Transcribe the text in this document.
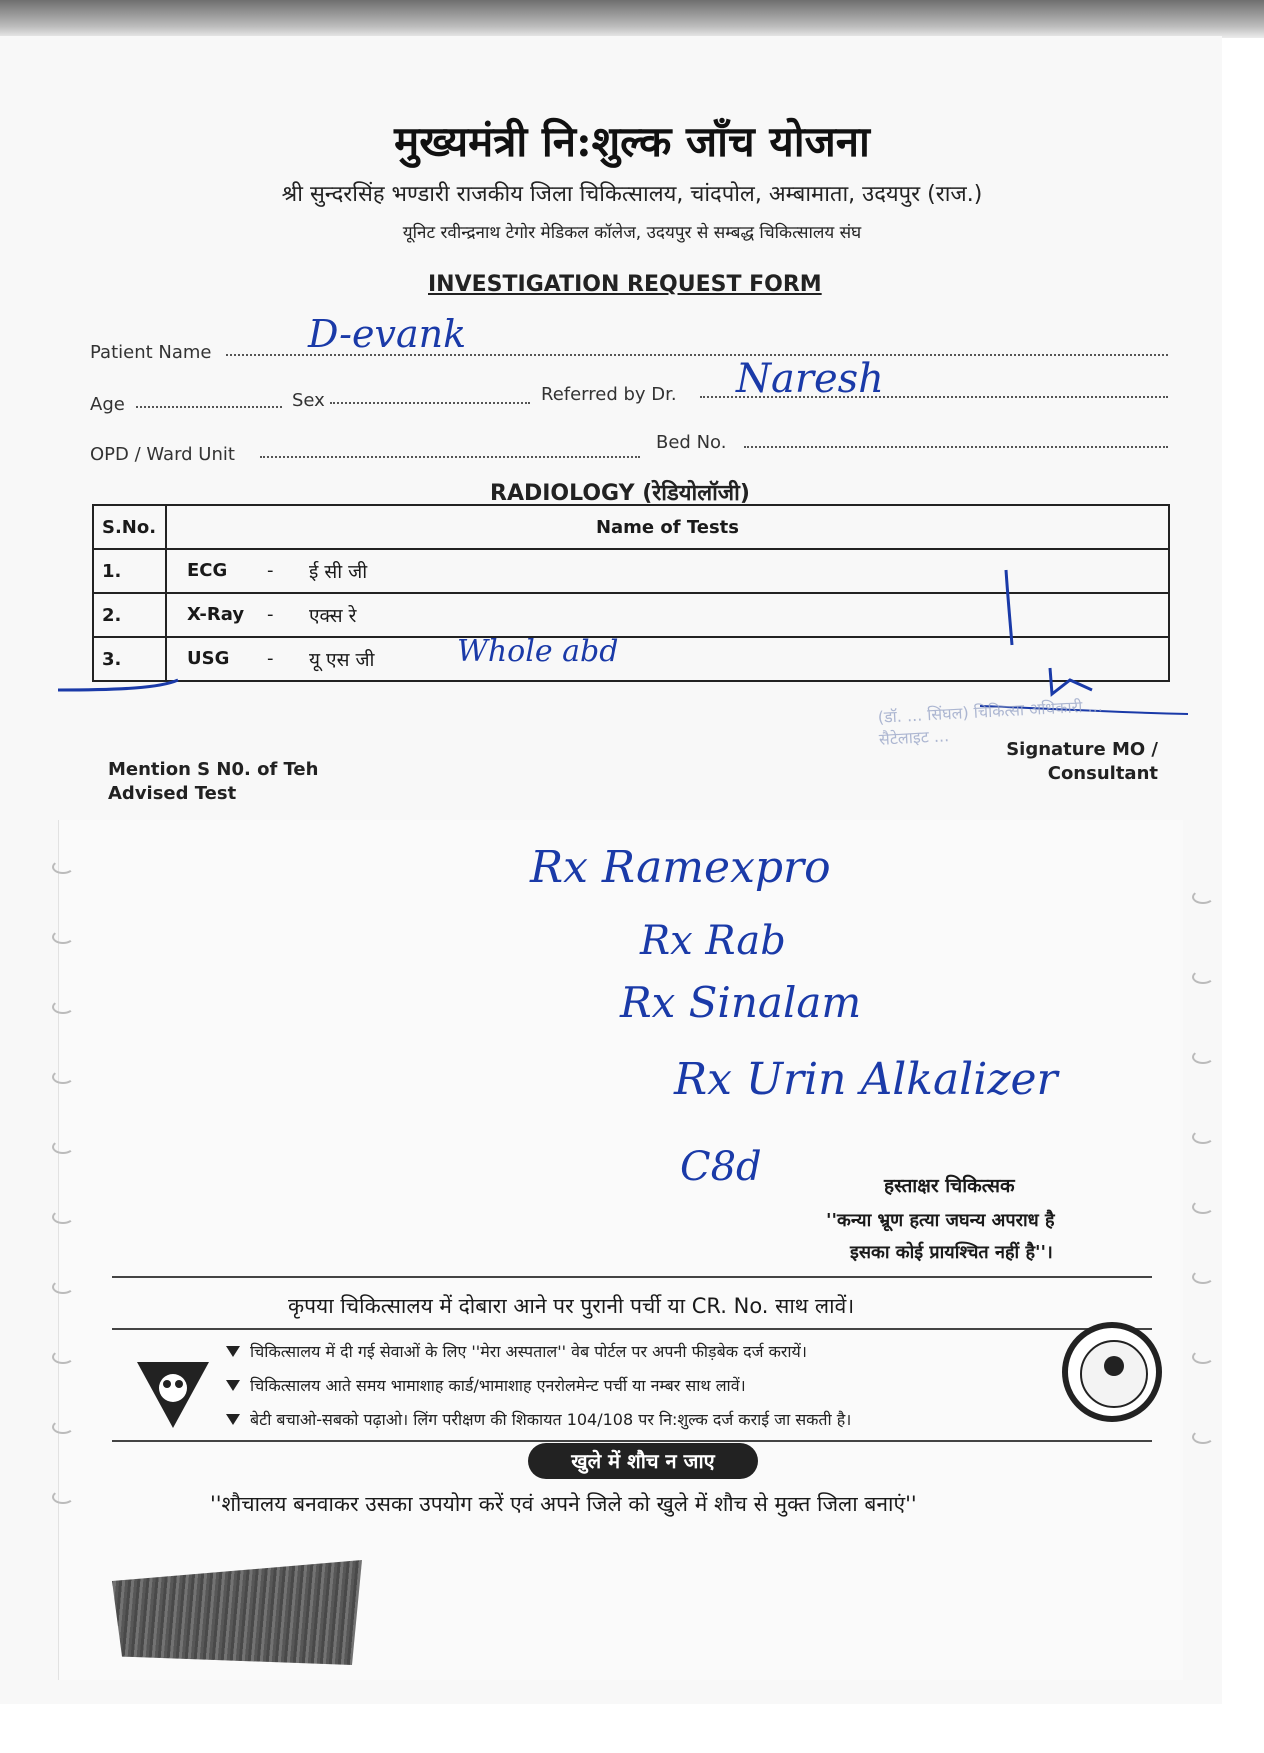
मुख्यमंत्री नि:शुल्क जाँच योजना
श्री सुन्दरसिंह भण्डारी राजकीय जिला चिकित्सालय, चांदपोल, अम्बामाता, उदयपुर (राज.)
यूनिट रवीन्द्रनाथ टेगोर मेडिकल कॉलेज, उदयपुर से सम्बद्ध चिकित्सालय संघ
INVESTIGATION REQUEST FORM
Patient Name	D-evank
Age	Sex	Referred by Dr. Naresh
OPD / Ward Unit
Bed No.
RADIOLOGY (रेडियोलॉजी)
S.No.	Name of Tests
1.	ECG - ई सी जी

2.	X-Ray - एक्स रे

3.	USG - यू एस जी Whole abd
Mention S N0. of Teh Advised Test
(डॉ. ... सिंघल) चिकित्सा अधिकारी ... सैटेलाइट ...
Signature MO / Consultant
Rx Ramexpro
Rx Rab
Rx Sinalam
Rx Urin Alkalizer
C8d	हस्ताक्षर चिकित्सक
''कन्या भ्रूण हत्या जघन्य अपराध है
इसका कोई प्रायश्चित नहीं है''।
कृपया चिकित्सालय में दोबारा आने पर पुरानी पर्ची या CR. No. साथ लावें।
चिकित्सालय में दी गई सेवाओं के लिए ''मेरा अस्पताल'' वेब पोर्टल पर अपनी फीड़बेक दर्ज करायें।
चिकित्सालय आते समय भामाशाह कार्ड/भामाशाह एनरोलमेन्ट पर्ची या नम्बर साथ लावें।
बेटी बचाओ-सबको पढ़ाओ। लिंग परीक्षण की शिकायत 104/108 पर नि:शुल्क दर्ज कराई जा सकती है।
खुले में शौच न जाए
''शौचालय बनवाकर उसका उपयोग करें एवं अपने जिले को खुले में शौच से मुक्त जिला बनाएं''
